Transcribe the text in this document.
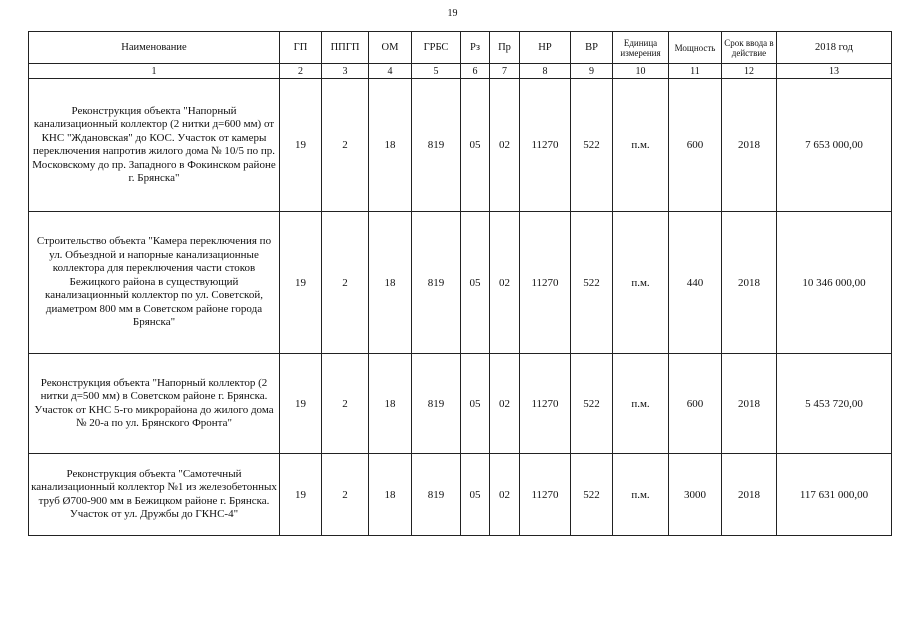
19
Наименование	ГП	ППГП	ОМ	ГРБС	Рз	Пр	НР	ВР	Единица измерения	Мощность	Срок ввода в действие	2018 год
1	2	3	4	5	6	7	8	9	10	11	12	13
Реконструкция объекта "Напорный канализационный коллектор (2 нитки д=600 мм) от КНС "Ждановская" до КОС. Участок от камеры переключения напротив жилого дома № 10/5 по пр. Московскому до пр. Западного в Фокинском районе г. Брянска"	19	2	18	819	05	02	11270	522	п.м.	600	2018	7 653 000,00
Строительство объекта "Камера переключения по ул. Объездной и напорные канализационные коллектора для переключения части стоков Бежицкого района в существующий канализационный коллектор по ул. Советской, диаметром 800 мм в Советском районе города Брянска"	19	2	18	819	05	02	11270	522	п.м.	440	2018	10 346 000,00
Реконструкция объекта "Напорный коллектор (2 нитки д=500 мм) в Советском районе г. Брянска. Участок от КНС 5-го микрорайона до жилого дома № 20-а по ул. Брянского Фронта"	19	2	18	819	05	02	11270	522	п.м.	600	2018	5 453 720,00
Реконструкция объекта "Самотечный канализационный коллектор №1 из железобетонных труб Ø700-900 мм в Бежицком районе г. Брянска. Участок от ул. Дружбы до ГКНС-4"	19	2	18	819	05	02	11270	522	п.м.	3000	2018	117 631 000,00
